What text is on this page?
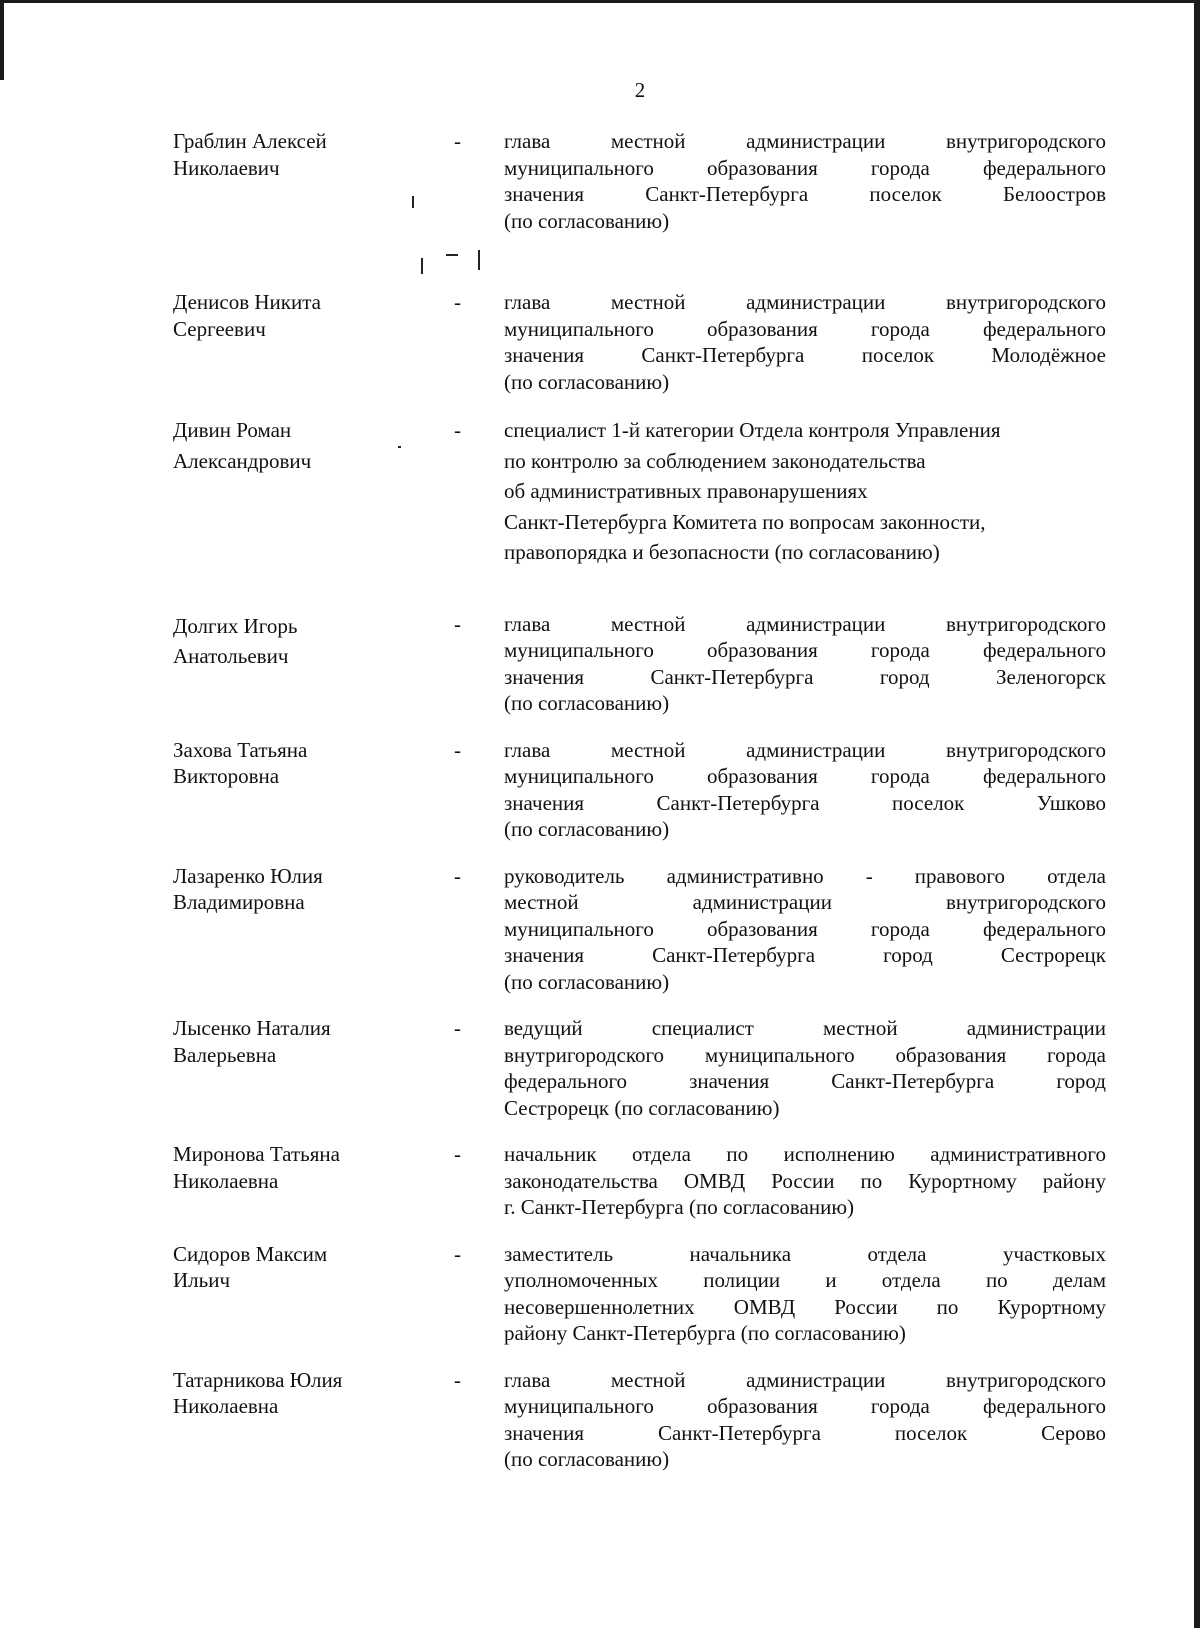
2
Граблин Алексей
Николаевич
-	глава местной администрации внутригородского
муниципального образования города федерального
значения Санкт-Петербурга поселок Белоостров
(по согласованию)
Денисов Никита
Сергеевич
-	глава местной администрации внутригородского
муниципального образования города федерального
значения Санкт-Петербурга поселок Молодёжное
(по согласованию)
Дивин Роман
Александрович
-	специалист 1-й категории Отдела контроля Управления
по контролю за соблюдением законодательства
об административных правонарушениях
Санкт-Петербурга Комитета по вопросам законности,
правопорядка и безопасности (по согласованию)
Долгих Игорь
Анатольевич
-	глава местной администрации внутригородского
муниципального образования города федерального
значения Санкт-Петербурга город Зеленогорск
(по согласованию)
Захова Татьяна
Викторовна
-	глава местной администрации внутригородского
муниципального образования города федерального
значения Санкт-Петербурга поселок Ушково
(по согласованию)
Лазаренко Юлия
Владимировна
-	руководитель административно - правового отдела
местной администрации внутригородского
муниципального образования города федерального
значения Санкт-Петербурга город Сестрорецк
(по согласованию)
Лысенко Наталия
Валерьевна
-	ведущий специалист местной администрации
внутригородского муниципального образования города
федерального значения Санкт-Петербурга город
Сестрорецк (по согласованию)
Миронова Татьяна
Николаевна
-	начальник отдела по исполнению административного
законодательства ОМВД России по Курортному району
г. Санкт-Петербурга (по согласованию)
Сидоров Максим
Ильич
-	заместитель начальника отдела участковых
уполномоченных полиции и отдела по делам
несовершеннолетних ОМВД России по Курортному
району Санкт-Петербурга (по согласованию)
Татарникова Юлия
Николаевна
-	глава местной администрации внутригородского
муниципального образования города федерального
значения Санкт-Петербурга поселок Серово
(по согласованию)
